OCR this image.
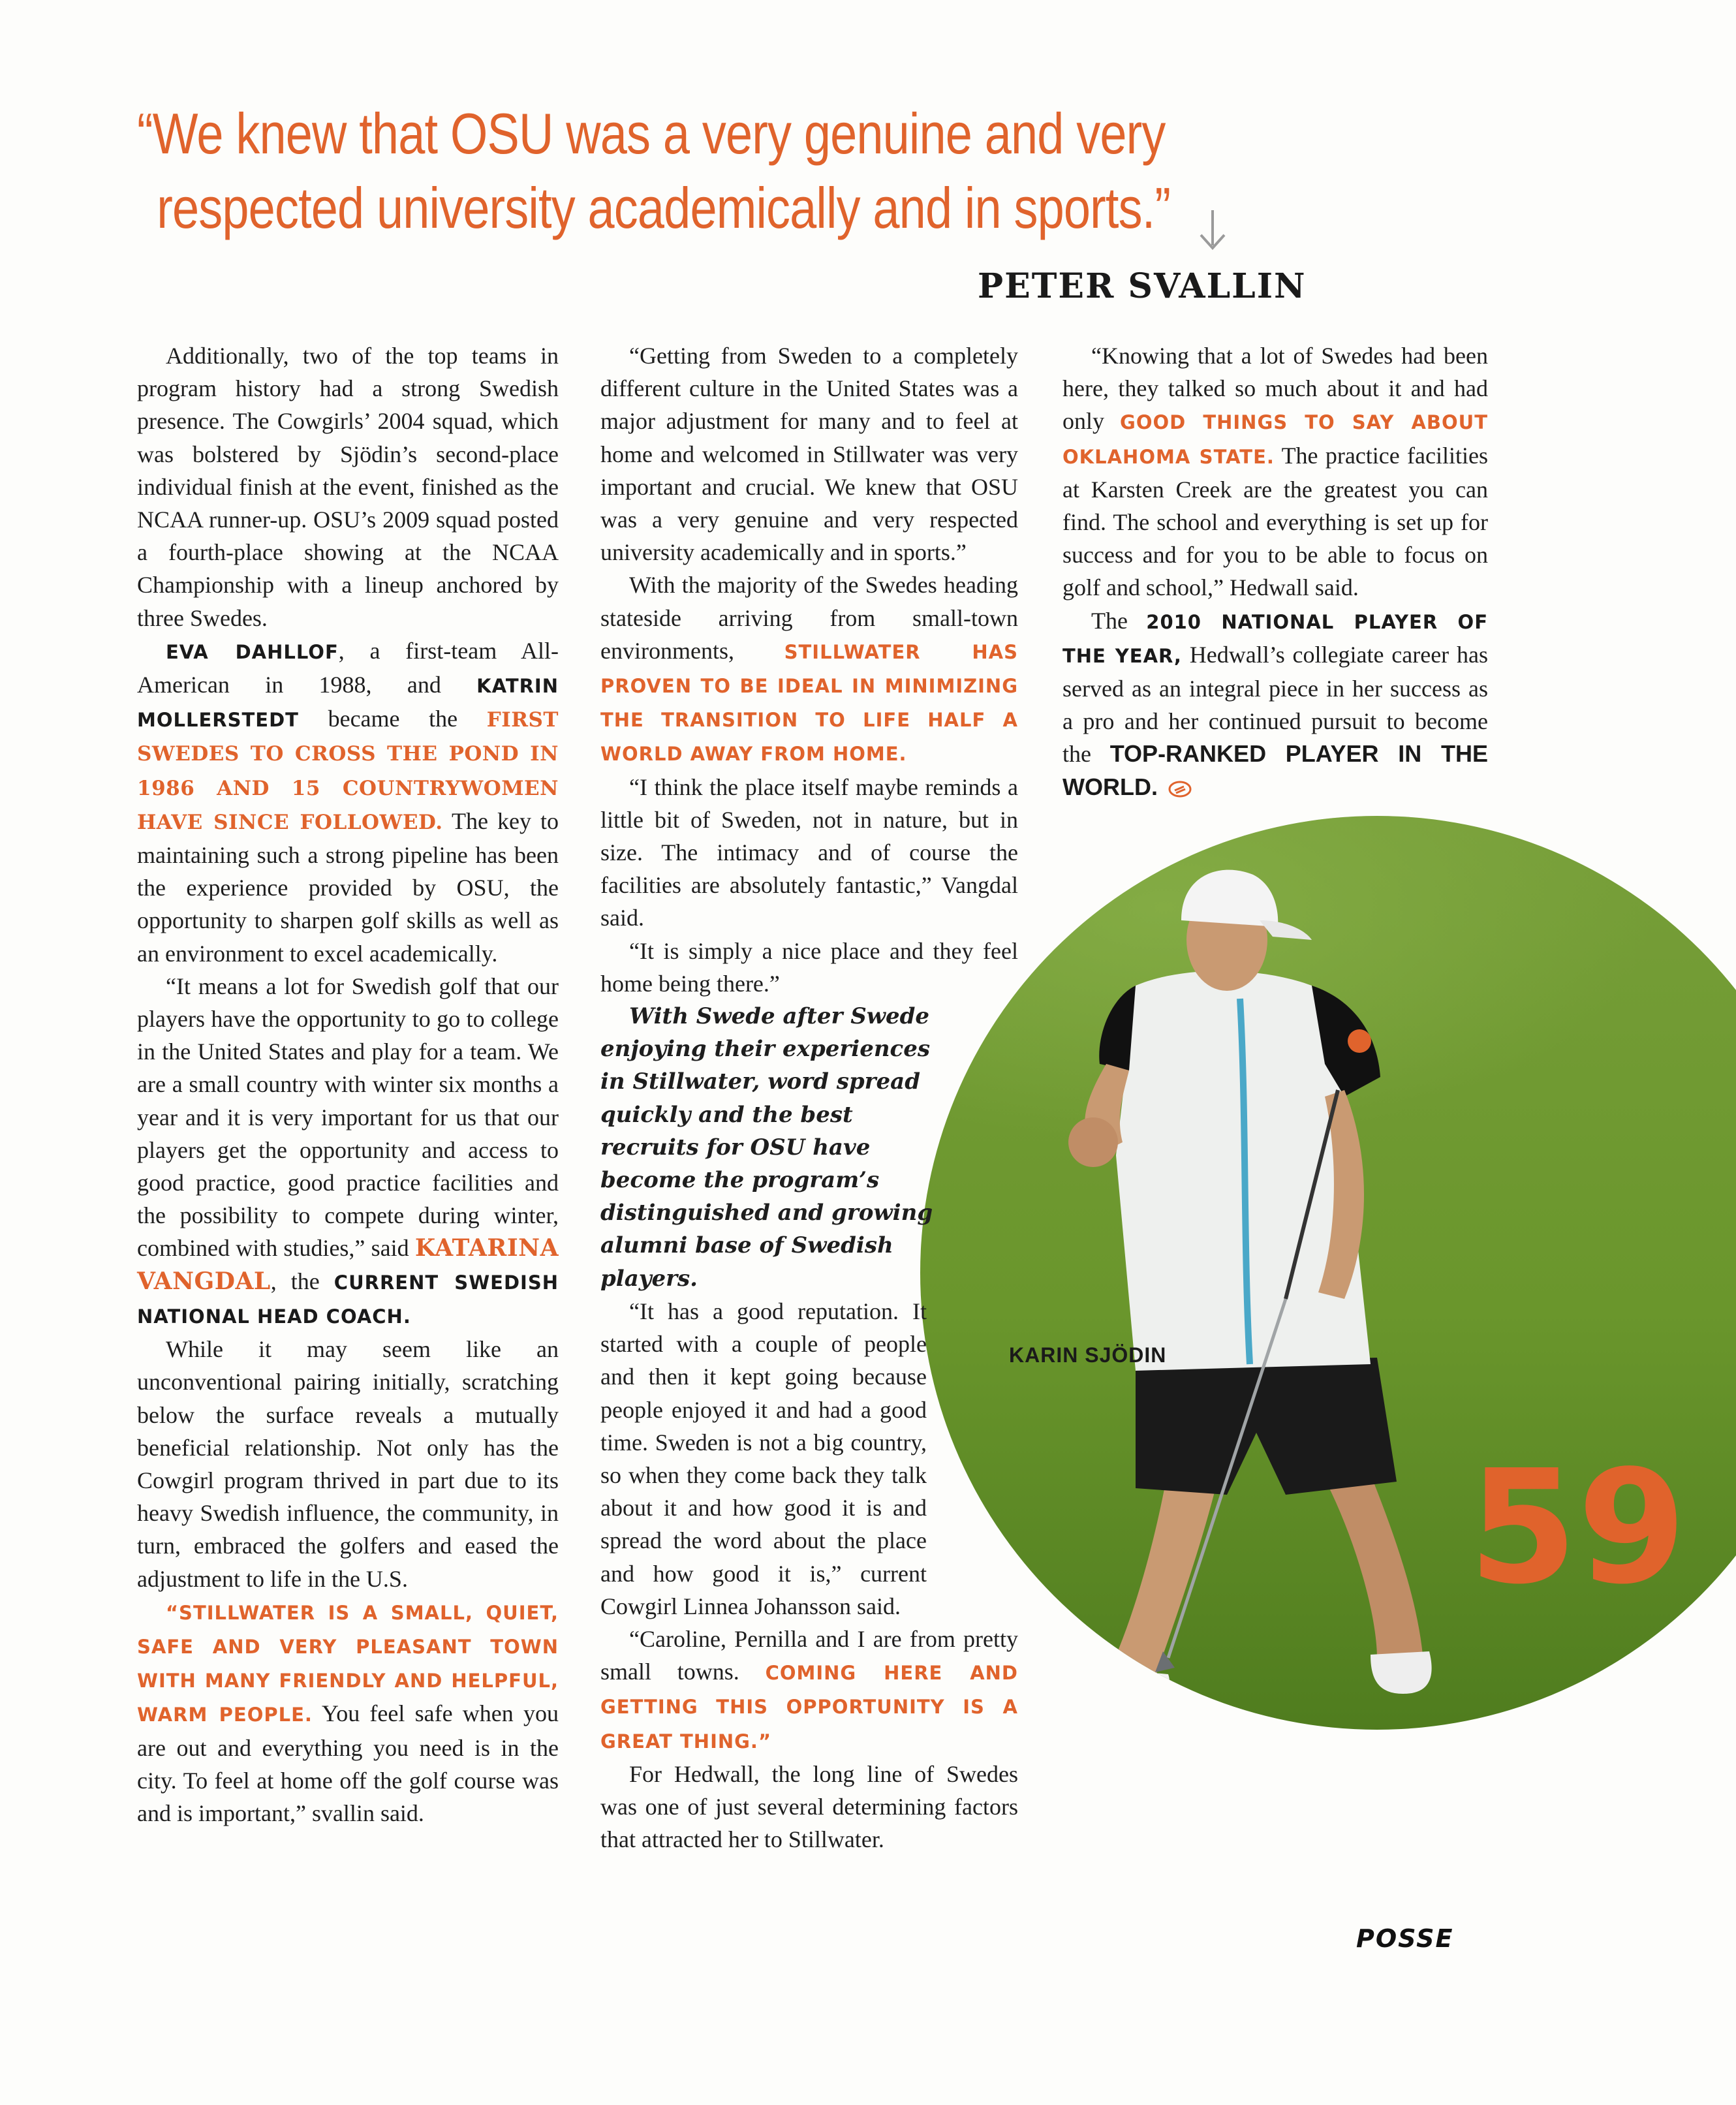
“We knew that OSU was a very genuine and very
respected university academically and in sports.”
PETER SVALLIN

Additionally, two of the top teams in program history had a strong Swedish presence. The Cowgirls’ 2004 squad, which was bolstered by Sjödin’s second-place individual finish at the event, finished as the NCAA runner-up. OSU’s 2009 squad posted a fourth-place showing at the NCAA Championship with a lineup anchored by three Swedes.

EVA DAHLLOF, a first-team All-American in 1988, and KATRIN MOLLERSTEDT became the FIRST SWEDES TO CROSS THE POND IN 1986 AND 15 COUNTRYWOMEN HAVE SINCE FOLLOWED. The key to maintaining such a strong pipeline has been the experience provided by OSU, the opportunity to sharpen golf skills as well as an environment to excel academically.

“It means a lot for Swedish golf that our players have the opportunity to go to college in the United States and play for a team. We are a small country with winter six months a year and it is very important for us that our players get the opportunity and access to good practice, good practice facilities and the possibility to compete during winter, combined with studies,” said KATARINA VANGDAL, the CURRENT SWEDISH NATIONAL HEAD COACH.

While it may seem like an unconventional pairing initially, scratching below the surface reveals a mutually beneficial relationship. Not only has the Cowgirl program thrived in part due to its heavy Swedish influence, the community, in turn, embraced the golfers and eased the adjustment to life in the U.S.

“STILLWATER IS A SMALL, QUIET, SAFE AND VERY PLEASANT TOWN WITH MANY FRIENDLY AND HELPFUL, WARM PEOPLE. You feel safe when you are out and everything you need is in the city. To feel at home off the golf course was and is important,” svallin said.

KARIN SJÖDIN
59

“Getting from Sweden to a completely different culture in the United States was a major adjustment for many and to feel at home and welcomed in Stillwater was very important and crucial. We knew that OSU was a very genuine and very respected university academically and in sports.”

With the majority of the Swedes heading stateside arriving from small-town environments, STILLWATER HAS PROVEN TO BE IDEAL IN MINIMIZING THE TRANSITION TO LIFE HALF A WORLD AWAY FROM HOME.

“I think the place itself maybe reminds a little bit of Sweden, not in nature, but in size. The intimacy and of course the facilities are absolutely fantastic,” Vangdal said.

“It is simply a nice place and they feel home being there.”

With Swede after Swede enjoying their experiences in Stillwater, word spread quickly and the best recruits for OSU have become the program’s distinguished and growing alumni base of Swedish players.

“It has a good reputation. It started with a couple of people and then it kept going because people enjoyed it and had a good time. Sweden is not a big country, so when they come back they talk about it and how good it is and spread the word about the place and how good it is,” current Cowgirl Linnea Johansson said.

“Caroline, Pernilla and I are from pretty small towns. COMING HERE AND GETTING THIS OPPORTUNITY IS A GREAT THING.”

For Hedwall, the long line of Swedes was one of just several determining factors that attracted her to Stillwater.

“Knowing that a lot of Swedes had been here, they talked so much about it and had only GOOD THINGS TO SAY ABOUT OKLAHOMA STATE. The practice facilities at Karsten Creek are the greatest you can find. The school and everything is set up for success and for you to be able to focus on golf and school,” Hedwall said.

The 2010 NATIONAL PLAYER OF THE YEAR, Hedwall’s collegiate career has served as an integral piece in her success as a pro and her continued pursuit to become the TOP-RANKED PLAYER IN THE WORLD.

POSSE
